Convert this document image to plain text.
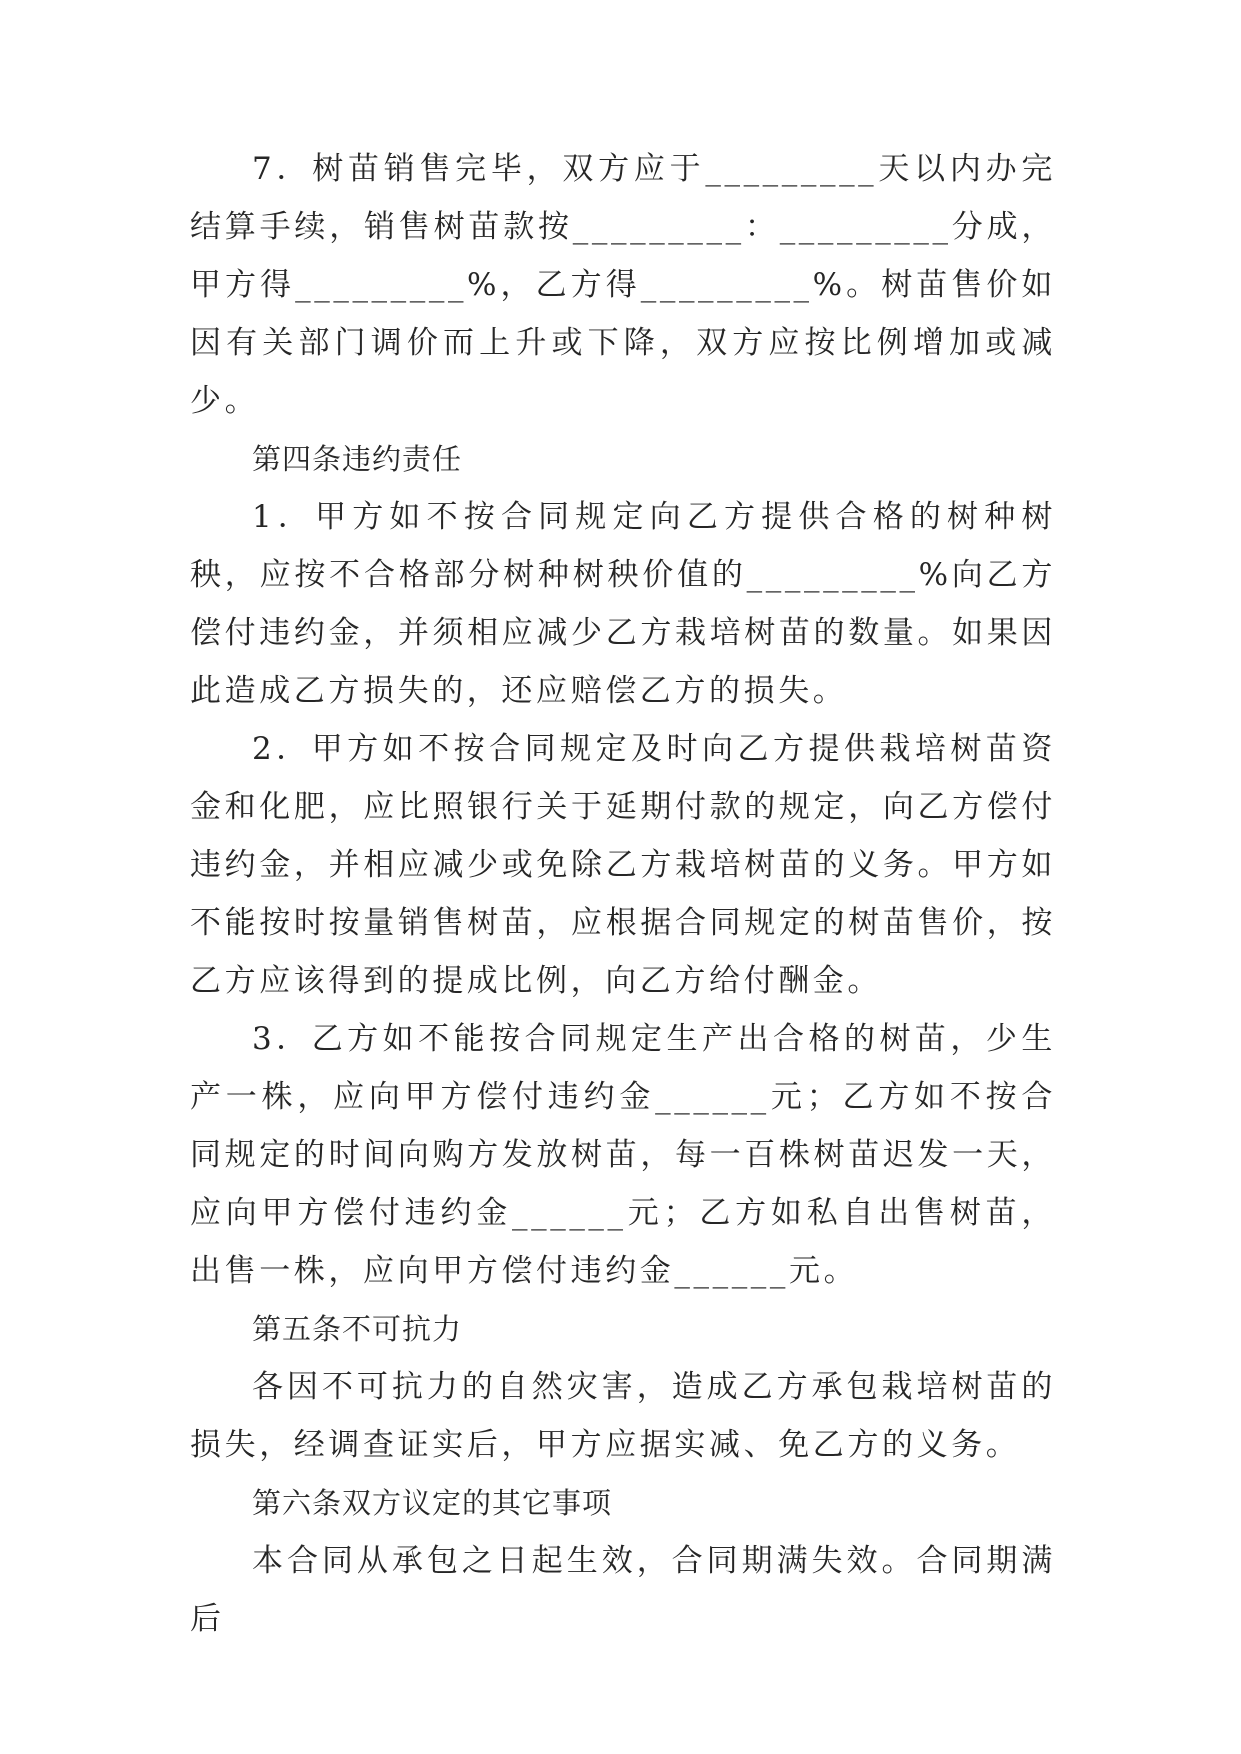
7．树苗销售完毕，双方应于_________天以内办完结算手续，销售树苗款按_________：_________分成，甲方得_________%，乙方得_________%。树苗售价如因有关部门调价而上升或下降，双方应按比例增加或减少。

第四条违约责任

1．甲方如不按合同规定向乙方提供合格的树种树秧，应按不合格部分树种树秧价值的_________%向乙方偿付违约金，并须相应减少乙方栽培树苗的数量。如果因此造成乙方损失的，还应赔偿乙方的损失。

2．甲方如不按合同规定及时向乙方提供栽培树苗资金和化肥，应比照银行关于延期付款的规定，向乙方偿付违约金，并相应减少或免除乙方栽培树苗的义务。甲方如不能按时按量销售树苗，应根据合同规定的树苗售价，按乙方应该得到的提成比例，向乙方给付酬金。

3．乙方如不能按合同规定生产出合格的树苗，少生产一株，应向甲方偿付违约金______元；乙方如不按合同规定的时间向购方发放树苗，每一百株树苗迟发一天，应向甲方偿付违约金______元；乙方如私自出售树苗，出售一株，应向甲方偿付违约金______元。

第五条不可抗力

各因不可抗力的自然灾害，造成乙方承包栽培树苗的损失，经调查证实后，甲方应据实减、免乙方的义务。

第六条双方议定的其它事项

本合同从承包之日起生效，合同期满失效。合同期满后
